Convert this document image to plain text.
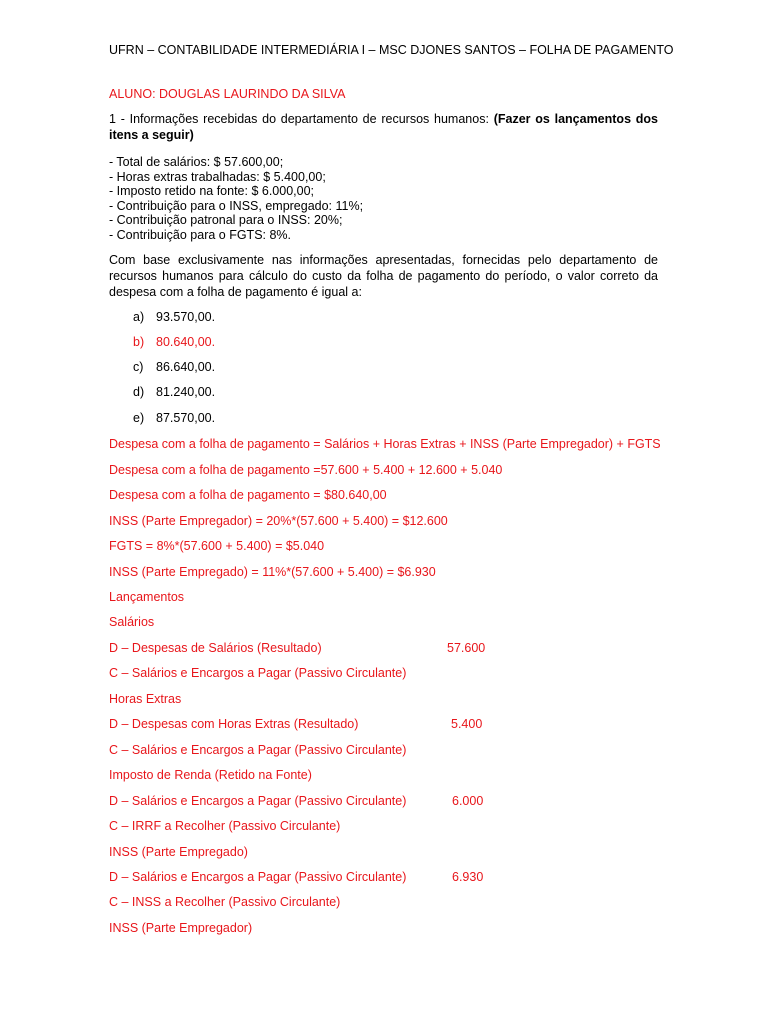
UFRN – CONTABILIDADE INTERMEDIÁRIA I – MSC DJONES SANTOS – FOLHA DE PAGAMENTO
ALUNO: DOUGLAS LAURINDO DA SILVA
1 - Informações recebidas do departamento de recursos humanos: (Fazer os lançamentos dos itens a seguir)
- Total de salários: $ 57.600,00;
- Horas extras trabalhadas: $ 5.400,00;
- Imposto retido na fonte: $ 6.000,00;
- Contribuição para o INSS, empregado: 11%;
- Contribuição patronal para o INSS: 20%;
- Contribuição para o FGTS: 8%.
Com base exclusivamente nas informações apresentadas, fornecidas pelo departamento de recursos humanos para cálculo do custo da folha de pagamento do período, o valor correto da despesa com a folha de pagamento é igual a:
a) 93.570,00.
b) 80.640,00.
c) 86.640,00.
d) 81.240,00.
e) 87.570,00.
Despesa com a folha de pagamento = Salários + Horas Extras + INSS (Parte Empregador) + FGTS
Despesa com a folha de pagamento =57.600 + 5.400 + 12.600 + 5.040
Despesa com a folha de pagamento = $80.640,00
INSS (Parte Empregador) = 20%*(57.600 + 5.400) = $12.600
FGTS = 8%*(57.600 + 5.400) = $5.040
INSS (Parte Empregado) = 11%*(57.600 + 5.400) = $6.930
Lançamentos
Salários
D – Despesas de Salários (Resultado)	57.600
C – Salários e Encargos a Pagar (Passivo Circulante)
Horas Extras
D – Despesas com Horas Extras (Resultado)	5.400
C – Salários e Encargos a Pagar (Passivo Circulante)
Imposto de Renda (Retido na Fonte)
D – Salários e Encargos a Pagar (Passivo Circulante)	6.000
C – IRRF a Recolher (Passivo Circulante)
INSS (Parte Empregado)
D – Salários e Encargos a Pagar (Passivo Circulante)	6.930
C – INSS a Recolher (Passivo Circulante)
INSS (Parte Empregador)
